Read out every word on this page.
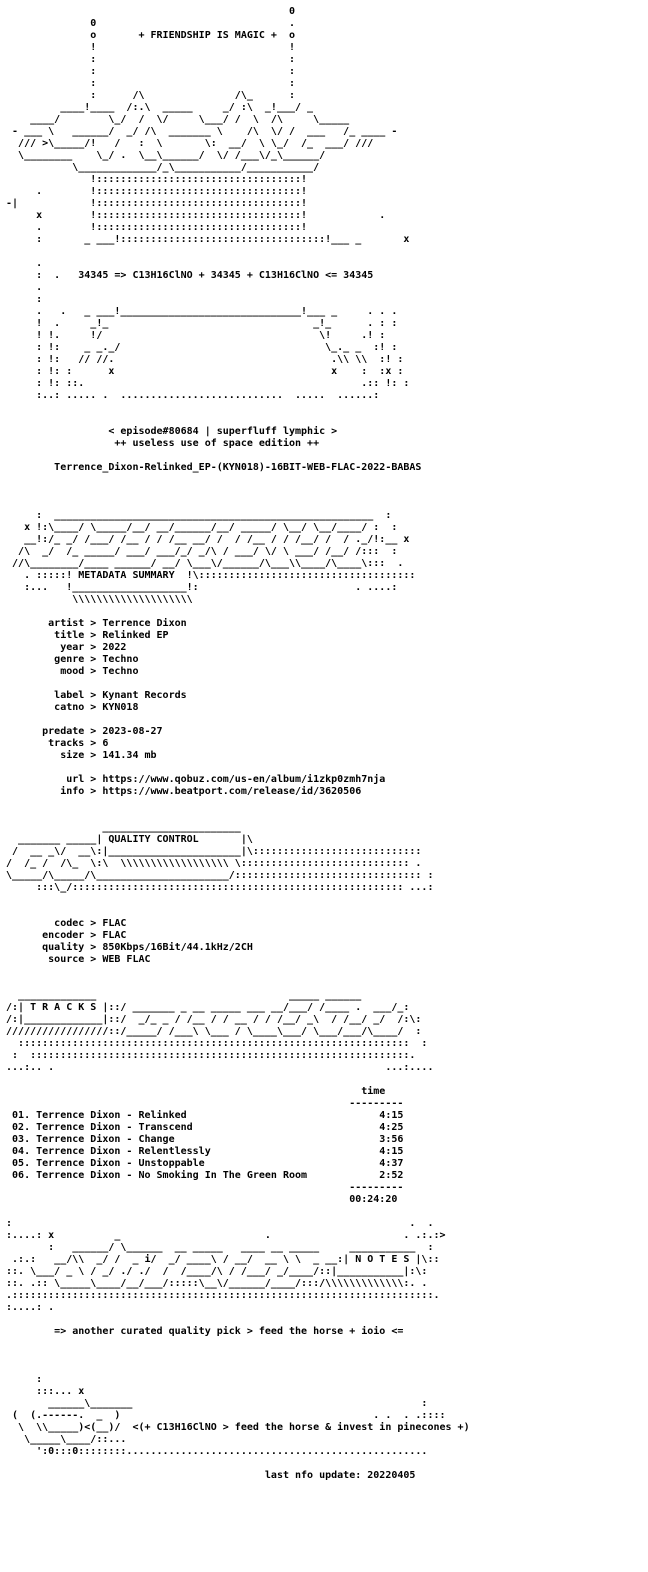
0
0                                .
o       + FRIENDSHIP IS MAGIC +  o
!                                !
:                                :
:                                :
:                                :
:      /\               /\_      :
____!____  /:.\  _____     _/ :\  _!___/ _
____/        \_/  /  \/     \___/ /  \  /\     \_____
- ___ \   ______/  _/ /\  _______ \    /\  \/ /  ___   /_ ____ -
/// >\_____/!   /   :  \       \:  __/  \ \_/  /_  ___/ ///
\________    \_/ .  \__\______/  \/ /___\/_\______/
\_____________/_\___________/___________/
!::::::::::::::::::::::::::::::::::!
.        !::::::::::::::::::::::::::::::::::!
-|            !::::::::::::::::::::::::::::::::::!
x        !::::::::::::::::::::::::::::::::::!            .
.        !::::::::::::::::::::::::::::::::::!
:       _ ___!::::::::::::::::::::::::::::::::::!___ _       x
.
:  .   34345 => C13H16ClNO + 34345 + C13H16ClNO <= 34345
.
:
.   .   _ ___!______________________________!___ _     . . .
!  .     _!_                                  _!_      . : :
! !.     !/                                    \!     .! :
: !:    _ _._/                                  \_._ _  :! :
: !:   // //.                                    .\\ \\  :! :
: !: :      x                                    x    :  :x :
: !: ::.                                              .:: !: :
:..: ..... .  ...........................  .....  ......:
< episode#80684 | superfluff lymphic >
++ useless use of space edition ++
Terrence_Dixon-Relinked_EP-(KYN018)-16BIT-WEB-FLAC-2022-BABAS
:  _____________________________________________________  :
x !:\____/ \_____/__/ __/______/__/ _____/ \__/ \__/____/ :  :
__!:/_ _/ /___/ /__ / / /__ __/ /  / /__ / / /__/ /  / ._/!:__ x
/\  _/  /_ _____/ ___/ ___/_/ _/\ / ___/ \/ \ ___/ /__/ /:::  :
//\________/____ ______/ __/ \___\/______/\___\\____/\____\:::  .
. :::::! METADATA SUMMARY  !\::::::::::::::::::::::::::::::::::::
:...   !___________________!:                          . ....:
\\\\\\\\\\\\\\\\\\\\
artist > Terrence Dixon
title > Relinked EP
year > 2022
genre > Techno
mood > Techno
label > Kynant Records
catno > KYN018
predate > 2023-08-27
tracks > 6
size > 141.34 mb
url > https://www.qobuz.com/us-en/album/i1zkp0zmh7nja
info > https://www.beatport.com/release/id/3620506
_______________________
_______ _____| QUALITY CONTROL       |\
/  __ _\/  __\:|______________________|\::::::::::::::::::::::::::::
/  /_ /  /\_  \:\  \\\\\\\\\\\\\\\\\\ \:::::::::::::::::::::::::::: .
\_____/\_____/\______________________/::::::::::::::::::::::::::::::: :
:::\_/::::::::::::::::::::::::::::::::::::::::::::::::::::::: ...:
codec > FLAC
encoder > FLAC
quality > 850Kbps/16Bit/44.1kHz/2CH
source > WEB FLAC
_____________                                _____ ______
/:| T R A C K S |::/ _______ _ __ _____ ___ __/___/ /____ .  ___/_:
/:|_____________|::/  _/_ _ / /__ / / __ / / /__/ _\  / /__/ _/  /:\:
/////////////////::/_____/ /___\ \___ / \____\___/ \___/___/\____/  :
:::::::::::::::::::::::::::::::::::::::::::::::::::::::::::::::::  :
:  :::::::::::::::::::::::::::::::::::::::::::::::::::::::::::::::.
...:.. .                                                       ...:....
time
---------
01. Terrence Dixon - Relinked                                4:15
02. Terrence Dixon - Transcend                               4:25
03. Terrence Dixon - Change                                  3:56
04. Terrence Dixon - Relentlessly                            4:15
05. Terrence Dixon - Unstoppable                             4:37
06. Terrence Dixon - No Smoking In The Green Room            2:52
---------
00:24:20
:                                                                  .  .
:....: x          _                        .                      . .:.:>
:   ______/ \______  __ _____   ____ __ _____     ___________  :
.:.:   __/\\  _/ /  _ i/  _/ ____\ / __/  __ \ \  _ __:| N O T E S |\::
::. \___/ _ \ / _/ ./ ./  /  /____/\ / /___/ _/____/::|___________|:\:
::. .:: \_____\____/__/___/:::::\__\/______/____/:::/\\\\\\\\\\\\\:. .
.::::::::::::::::::::::::::::::::::::::::::::::::::::::::::::::::::::::.
:....: .
=> another curated quality pick > feed the horse + ioio <=
:
:::... x
______\_______                                                :
(  (.------.  _  )                                          . .  . .::::
\  \\_____)<(__)/  <(+ C13H16ClNO > feed the horse & invest in pinecones +)
\_____\____/::...
':0:::0::::::::..................................................
last nfo update: 20220405
